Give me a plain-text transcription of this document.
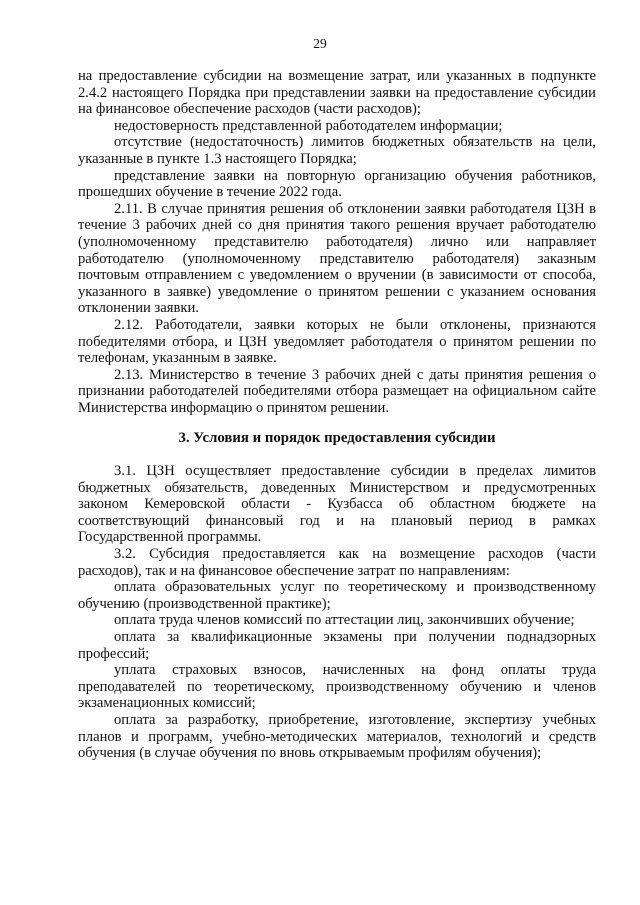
29

на предоставление субсидии на возмещение затрат, или указанных в подпункте 2.4.2 настоящего Порядка при представлении заявки на предоставление субсидии на финансовое обеспечение расходов (части расходов);

недостоверность представленной работодателем информации;

отсутствие (недостаточность) лимитов бюджетных обязательств на цели, указанные в пункте 1.3 настоящего Порядка;

представление заявки на повторную организацию обучения работников, прошедших обучение в течение 2022 года.

2.11. В случае принятия решения об отклонении заявки работодателя ЦЗН в течение 3 рабочих дней со дня принятия такого решения вручает работодателю (уполномоченному представителю работодателя) лично или направляет работодателю (уполномоченному представителю работодателя) заказным почтовым отправлением с уведомлением о вручении (в зависимости от способа, указанного в заявке) уведомление о принятом решении с указанием основания отклонении заявки.

2.12. Работодатели, заявки которых не были отклонены, признаются победителями отбора, и ЦЗН уведомляет работодателя о принятом решении по телефонам, указанным в заявке.

2.13. Министерство в течение 3 рабочих дней с даты принятия решения о признании работодателей победителями отбора размещает на официальном сайте Министерства информацию о принятом решении.

3. Условия и порядок предоставления субсидии

3.1. ЦЗН осуществляет предоставление субсидии в пределах лимитов бюджетных обязательств, доведенных Министерством и предусмотренных законом Кемеровской области - Кузбасса об областном бюджете на соответствующий финансовый год и на плановый период в рамках Государственной программы.

3.2. Субсидия предоставляется как на возмещение расходов (части расходов), так и на финансовое обеспечение затрат по направлениям:

оплата образовательных услуг по теоретическому и производственному обучению (производственной практике);

оплата труда членов комиссий по аттестации лиц, закончивших обучение;

оплата за квалификационные экзамены при получении поднадзорных профессий;

уплата страховых взносов, начисленных на фонд оплаты труда преподавателей по теоретическому, производственному обучению и членов экзаменационных комиссий;

оплата за разработку, приобретение, изготовление, экспертизу учебных планов и программ, учебно-методических материалов, технологий и средств обучения (в случае обучения по вновь открываемым профилям обучения);
